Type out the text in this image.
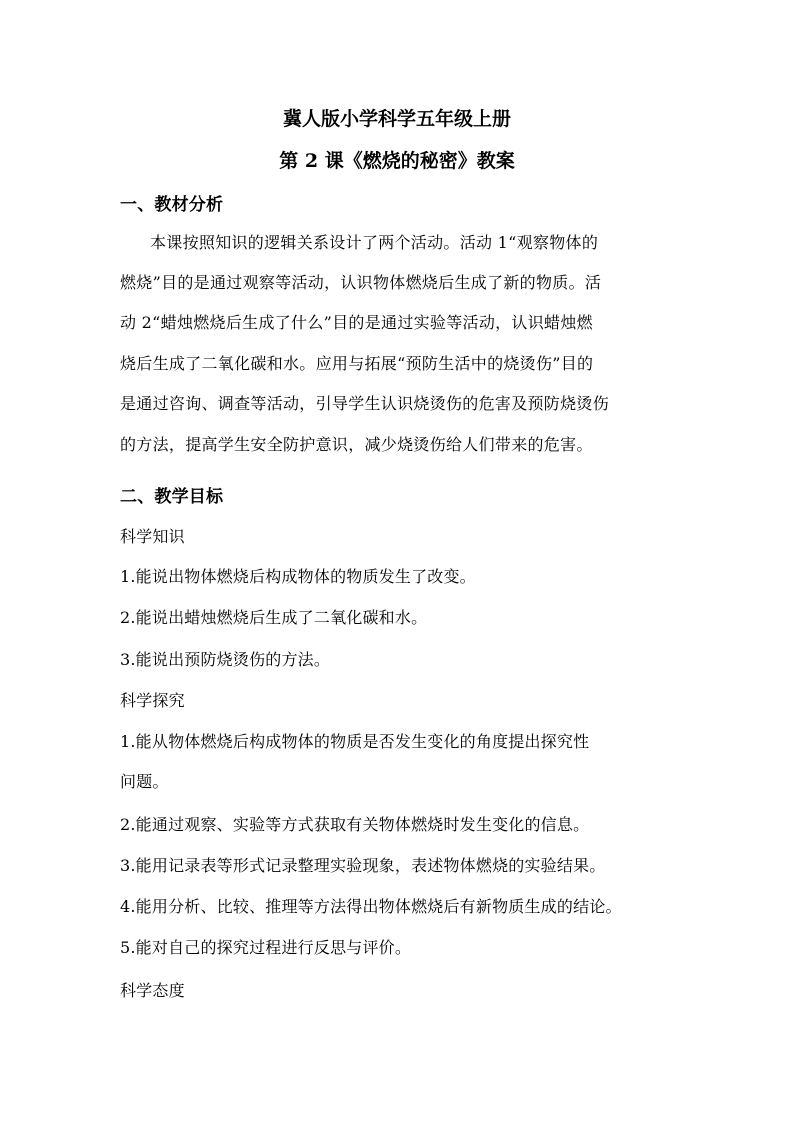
冀人版小学科学五年级上册
第 2 课《燃烧的秘密》教案
一、教材分析
本课按照知识的逻辑关系设计了两个活动。活动 1“观察物体的
燃烧”目的是通过观察等活动，认识物体燃烧后生成了新的物质。活
动 2“蜡烛燃烧后生成了什么”目的是通过实验等活动，认识蜡烛燃
烧后生成了二氧化碳和水。应用与拓展“预防生活中的烧烫伤”目的
是通过咨询、调查等活动，引导学生认识烧烫伤的危害及预防烧烫伤
的方法，提高学生安全防护意识，减少烧烫伤给人们带来的危害。
二、教学目标
科学知识
1.能说出物体燃烧后构成物体的物质发生了改变。
2.能说出蜡烛燃烧后生成了二氧化碳和水。
3.能说出预防烧烫伤的方法。
科学探究
1.能从物体燃烧后构成物体的物质是否发生变化的角度提出探究性
问题。
2.能通过观察、实验等方式获取有关物体燃烧时发生变化的信息。
3.能用记录表等形式记录整理实验现象，表述物体燃烧的实验结果。
4.能用分析、比较、推理等方法得出物体燃烧后有新物质生成的结论。
5.能对自己的探究过程进行反思与评价。
科学态度
